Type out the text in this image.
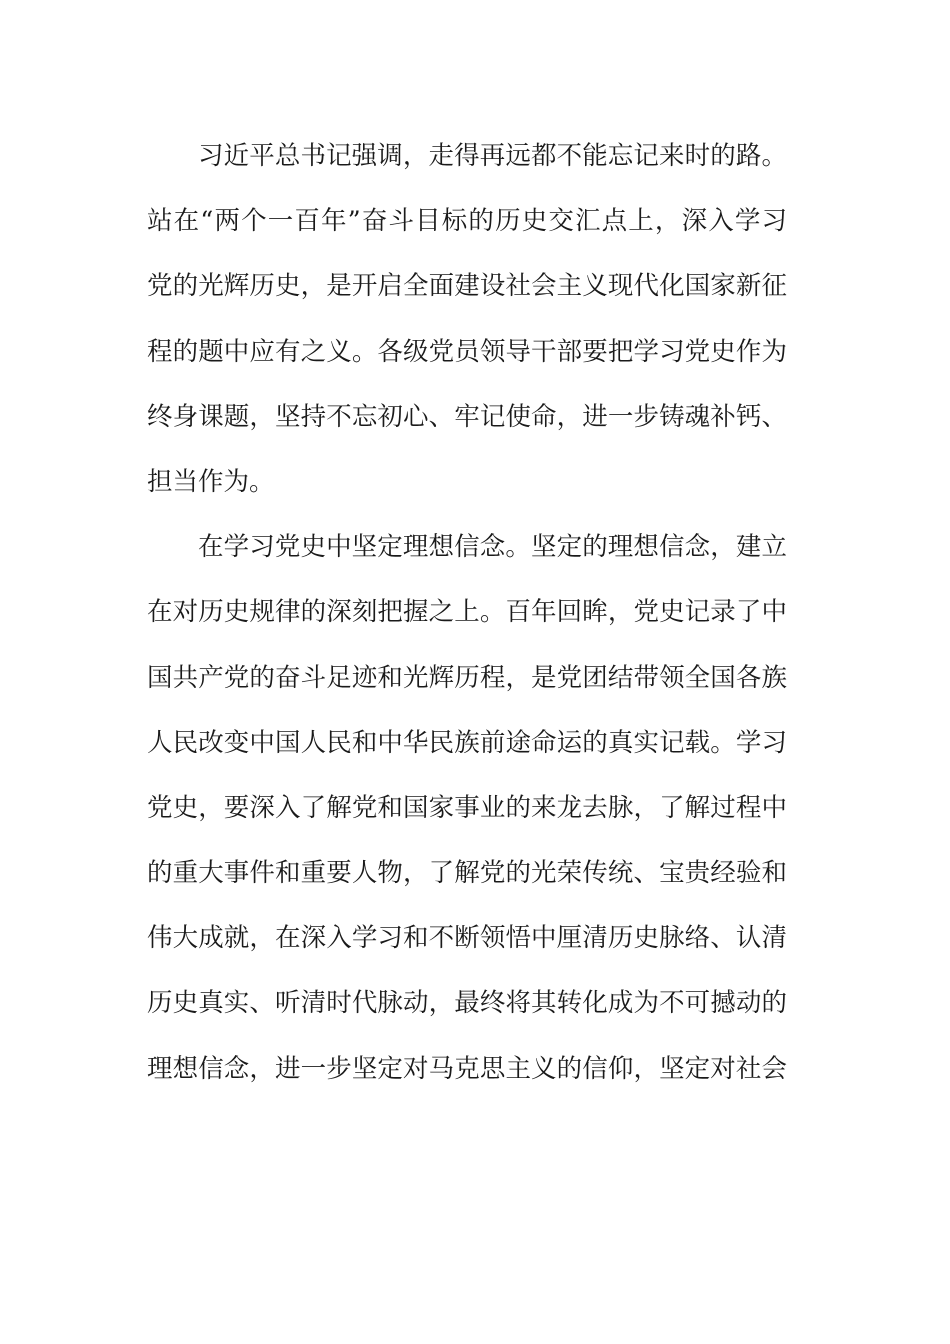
习近平总书记强调，走得再远都不能忘记来时的路。
站在“两个一百年”奋斗目标的历史交汇点上，深入学习
党的光辉历史，是开启全面建设社会主义现代化国家新征
程的题中应有之义。各级党员领导干部要把学习党史作为
终身课题，坚持不忘初心、牢记使命，进一步铸魂补钙、
担当作为。
在学习党史中坚定理想信念。坚定的理想信念，建立
在对历史规律的深刻把握之上。百年回眸，党史记录了中
国共产党的奋斗足迹和光辉历程，是党团结带领全国各族
人民改变中国人民和中华民族前途命运的真实记载。学习
党史，要深入了解党和国家事业的来龙去脉，了解过程中
的重大事件和重要人物，了解党的光荣传统、宝贵经验和
伟大成就，在深入学习和不断领悟中厘清历史脉络、认清
历史真实、听清时代脉动，最终将其转化成为不可撼动的
理想信念，进一步坚定对马克思主义的信仰，坚定对社会
